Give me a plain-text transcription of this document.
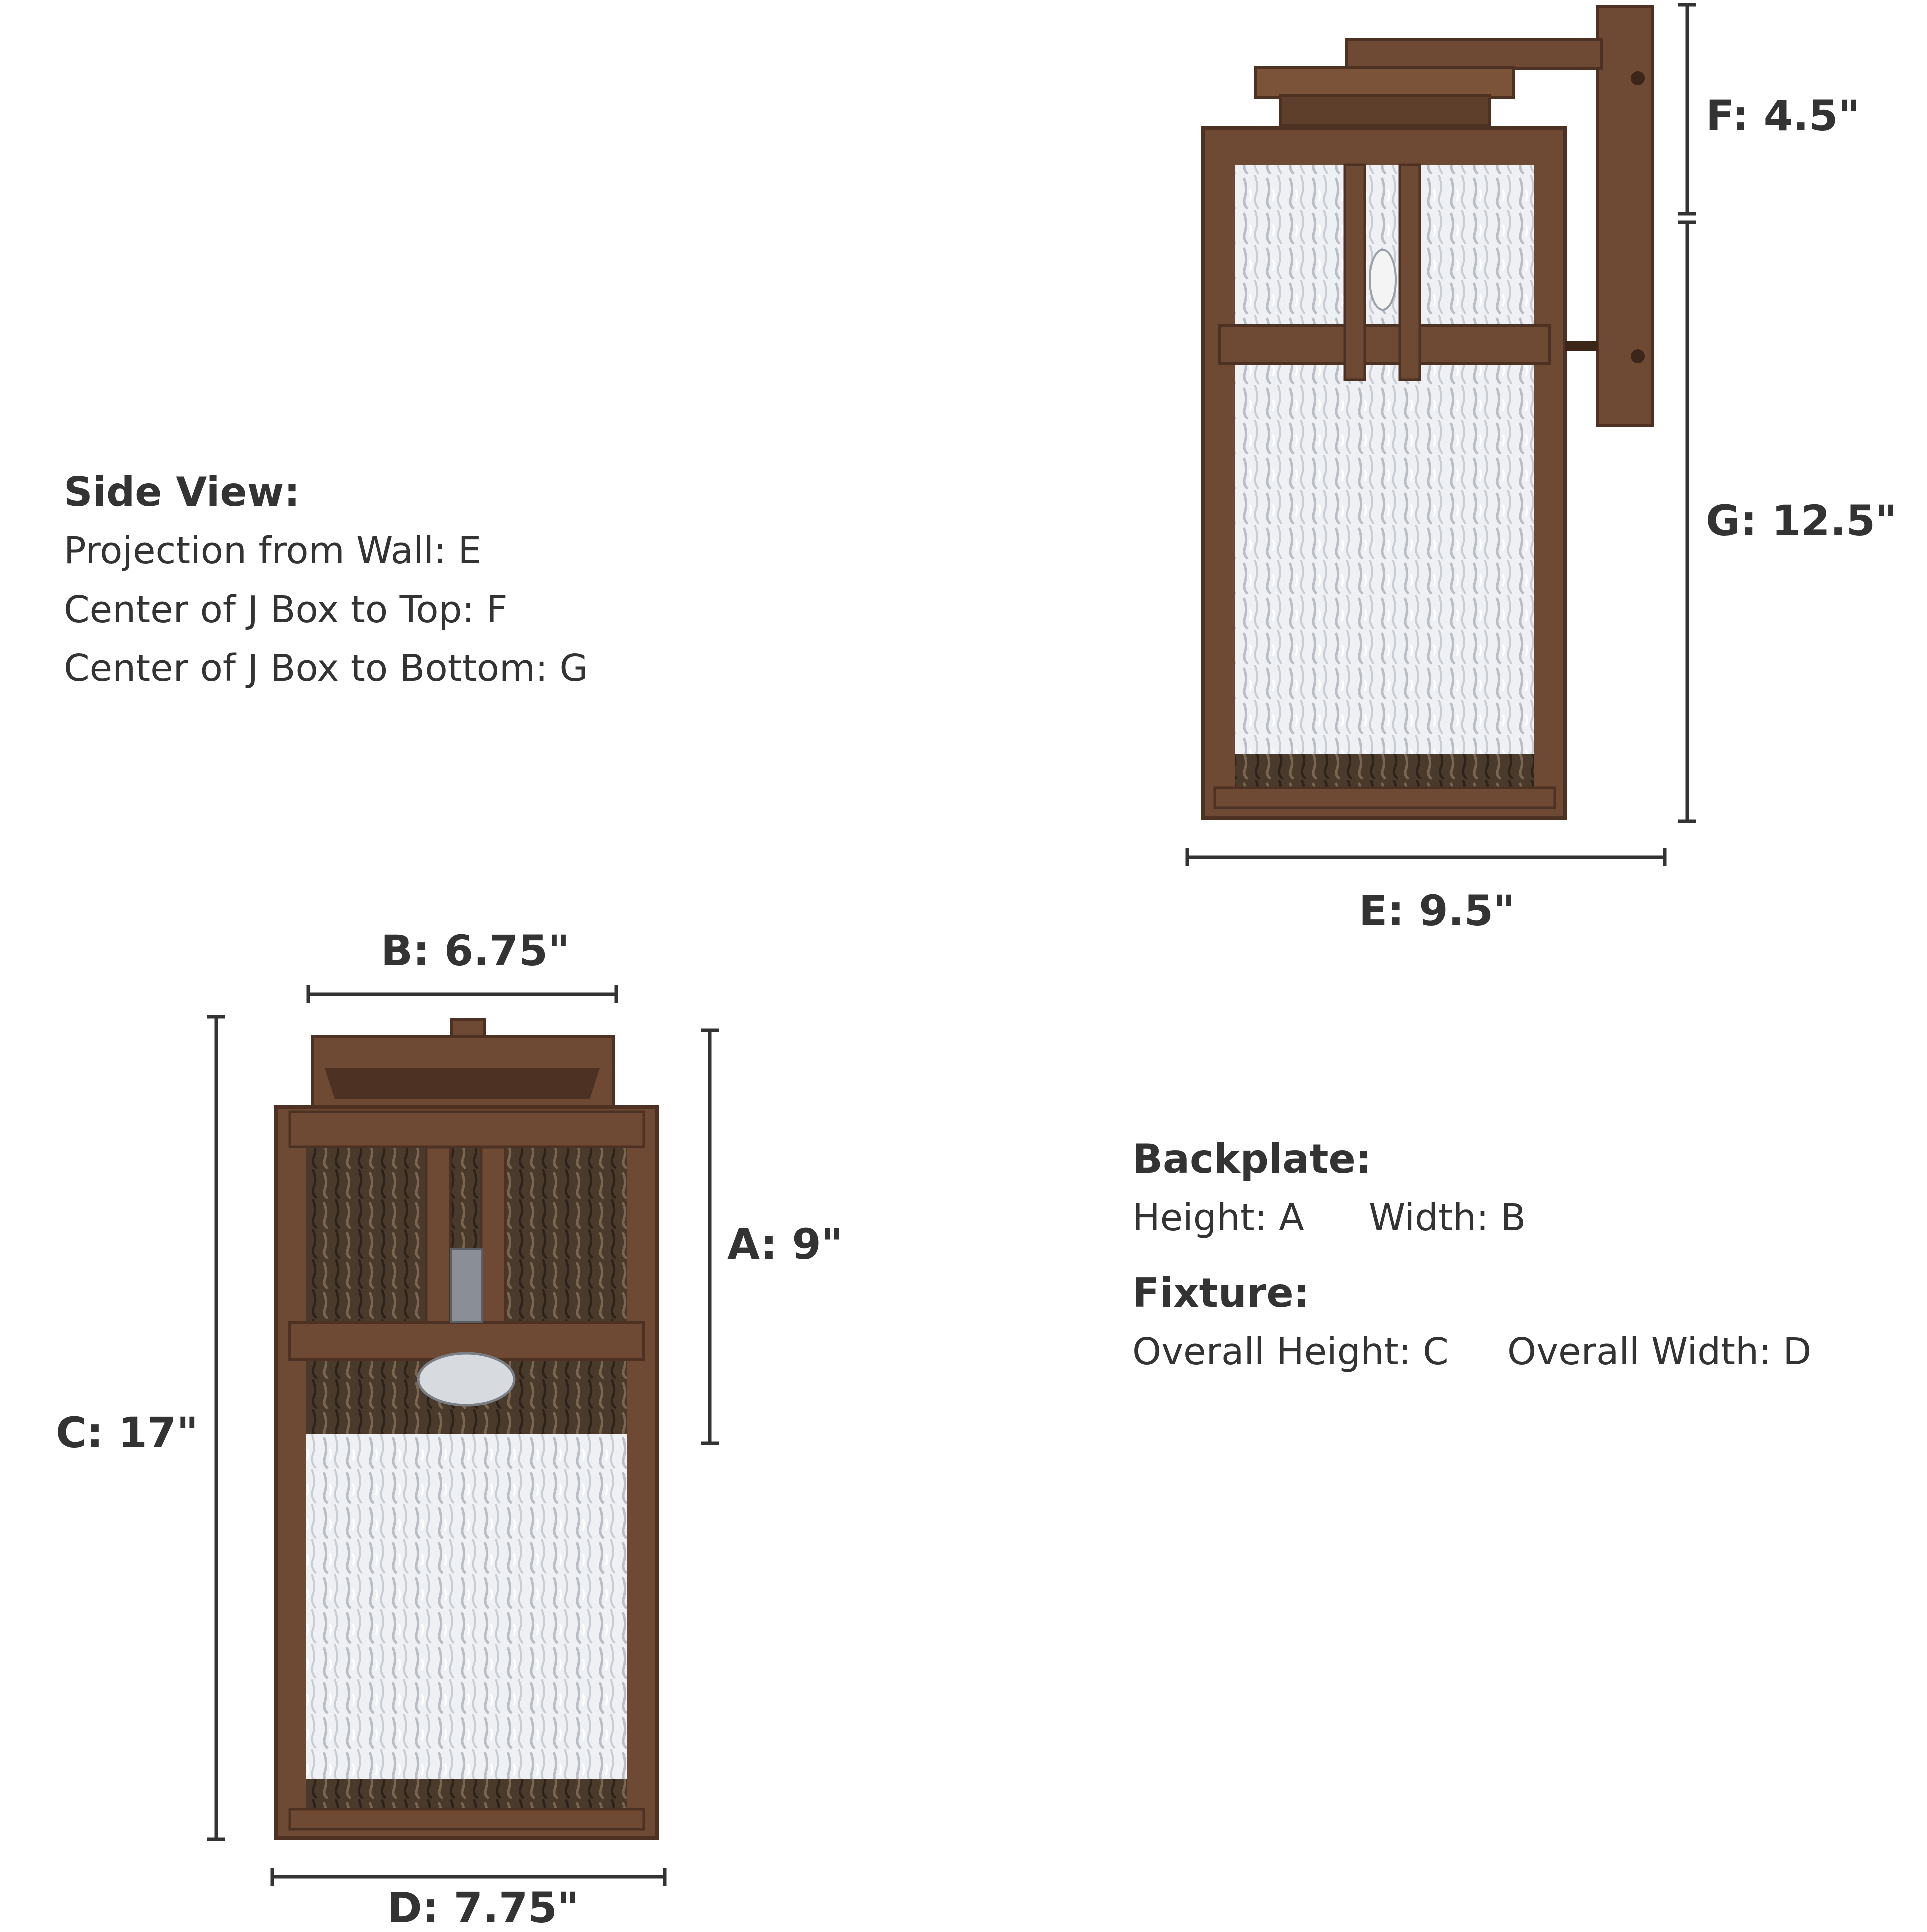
Side View:
Projection from Wall: E
Center of J Box to Top: F
Center of J Box to Bottom: G
Backplate:
Height: A Width: B
Fixture:
Overall Height: C Overall Width: D
F: 4.5"
G: 12.5"
E: 9.5"
B: 6.75"
A: 9"
C: 17"
D: 7.75"
